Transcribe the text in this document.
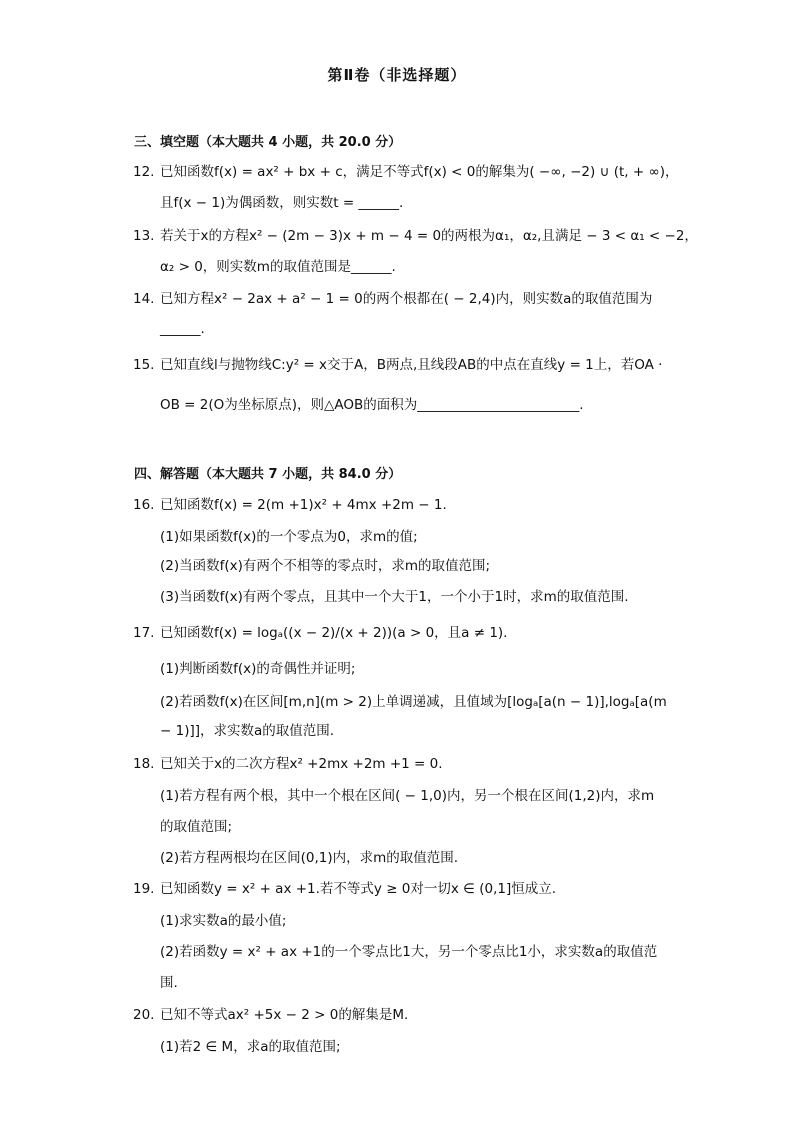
第Ⅱ卷（非选择题）
三、填空题（本大题共 4 小题，共 20.0 分）
12. 已知函数f(x) = ax² + bx + c，满足不等式f(x) < 0的解集为( −∞, −2) ∪ (t, + ∞)，
且f(x − 1)为偶函数，则实数t = ______.
13. 若关于x的方程x² − (2m − 3)x + m − 4 = 0的两根为α₁，α₂,且满足 − 3 < α₁ < −2，
α₂ > 0，则实数m的取值范围是______.
14. 已知方程x² − 2ax + a² − 1 = 0的两个根都在( − 2,4)内，则实数a的取值范围为
______.
15. 已知直线l与抛物线C:y² = x交于A，B两点,且线段AB的中点在直线y = 1上，若OA ·
OB = 2(O为坐标原点)，则△AOB的面积为________________________.
四、解答题（本大题共 7 小题，共 84.0 分）
16. 已知函数f(x) = 2(m +1)x² + 4mx +2m − 1.
(1)如果函数f(x)的一个零点为0，求m的值;
(2)当函数f(x)有两个不相等的零点时，求m的取值范围;
(3)当函数f(x)有两个零点，且其中一个大于1，一个小于1时，求m的取值范围.
17. 已知函数f(x) = logₐ((x − 2)/(x + 2))(a > 0，且a ≠ 1).
(1)判断函数f(x)的奇偶性并证明;
(2)若函数f(x)在区间[m,n](m > 2)上单调递减，且值域为[logₐ[a(n − 1)],logₐ[a(m
− 1)]]，求实数a的取值范围.
18. 已知关于x的二次方程x² +2mx +2m +1 = 0.
(1)若方程有两个根，其中一个根在区间( − 1,0)内，另一个根在区间(1,2)内，求m
的取值范围;
(2)若方程两根均在区间(0,1)内，求m的取值范围.
19. 已知函数y = x² + ax +1.若不等式y ≥ 0对一切x ∈ (0,1]恒成立.
(1)求实数a的最小值;
(2)若函数y = x² + ax +1的一个零点比1大，另一个零点比1小，求实数a的取值范
围.
20. 已知不等式ax² +5x − 2 > 0的解集是M.
(1)若2 ∈ M，求a的取值范围;
